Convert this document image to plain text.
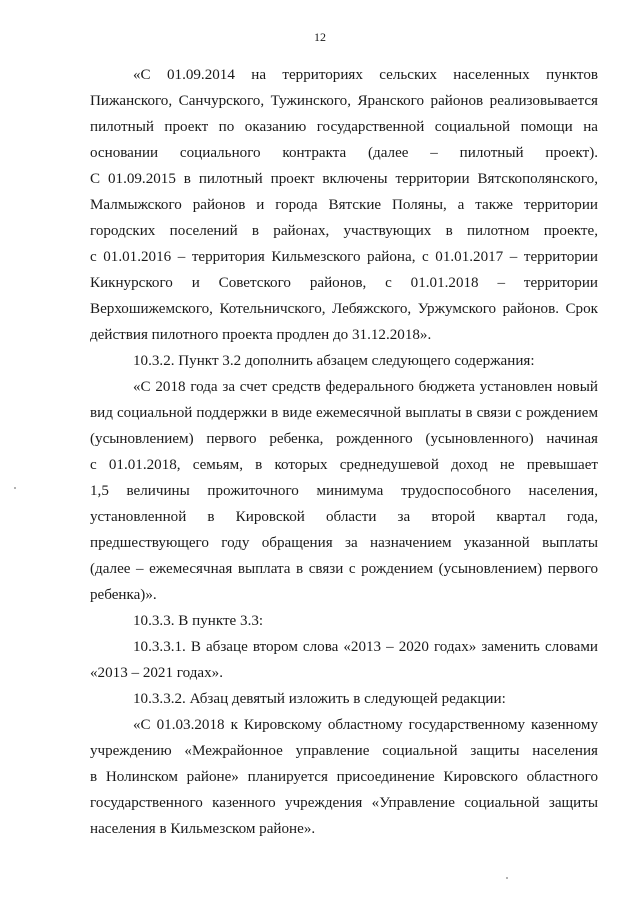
12
«С 01.09.2014 на территориях сельских населенных пунктов
Пижанского, Санчурского, Тужинского, Яранского районов реализовывается
пилотный проект по оказанию государственной социальной помощи на
основании социального контракта (далее – пилотный проект).
С 01.09.2015 в пилотный проект включены территории Вятскополянского,
Малмыжского районов и города Вятские Поляны, а также территории
городских поселений в районах, участвующих в пилотном проекте,
с 01.01.2016 – территория Кильмезского района, с 01.01.2017 – территории
Кикнурского и Советского районов, с 01.01.2018 – территории
Верхошижемского, Котельничского, Лебяжского, Уржумского районов. Срок
действия пилотного проекта продлен до 31.12.2018».
10.3.2. Пункт 3.2 дополнить абзацем следующего содержания:
«С 2018 года за счет средств федерального бюджета установлен новый
вид социальной поддержки в виде ежемесячной выплаты в связи с рождением
(усыновлением) первого ребенка, рожденного (усыновленного) начиная
с 01.01.2018, семьям, в которых среднедушевой доход не превышает
1,5 величины прожиточного минимума трудоспособного населения,
установленной в Кировской области за второй квартал года,
предшествующего году обращения за назначением указанной выплаты
(далее – ежемесячная выплата в связи с рождением (усыновлением) первого
ребенка)».
10.3.3. В пункте 3.3:
10.3.3.1. В абзаце втором слова «2013 – 2020 годах» заменить словами
«2013 – 2021 годах».
10.3.3.2. Абзац девятый изложить в следующей редакции:
«С 01.03.2018 к Кировскому областному государственному казенному
учреждению «Межрайонное управление социальной защиты населения
в Нолинском районе» планируется присоединение Кировского областного
государственного казенного учреждения «Управление социальной защиты
населения в Кильмезском районе».
